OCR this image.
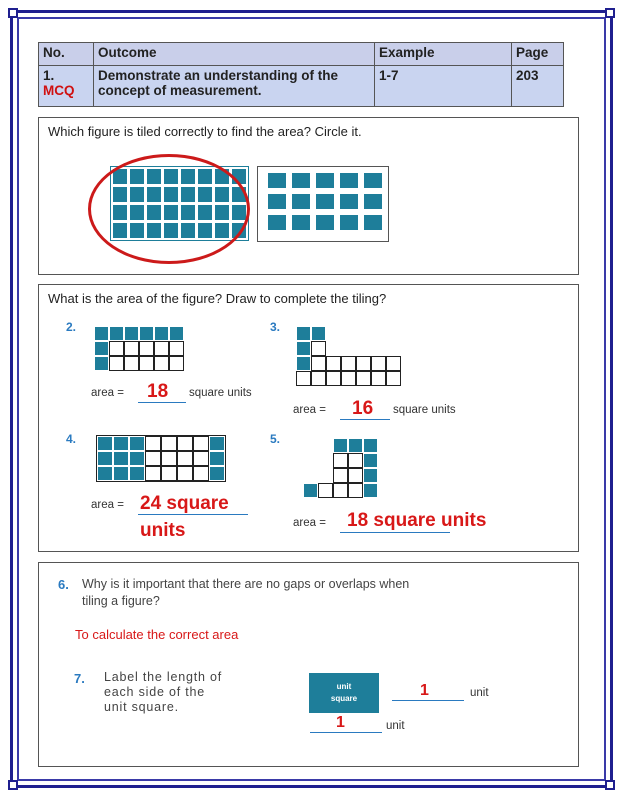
No.	Outcome	Example	Page

1.
MCQ	Demonstrate an understanding of the concept of measurement.	1-7	203
Which figure is tiled correctly to find the area? Circle it.
What is the area of the figure? Draw to complete the tiling?
2.
area = 18 square units
3.
area = 16 square units
4.
area = 24 square
units
5.
area = 18 square units
6. Why is it important that there are no gaps or overlaps when
tiling a figure?
To calculate the correct area
7. Label the length of
each side of the
unit square.
unit
square	1	unit
1	unit
